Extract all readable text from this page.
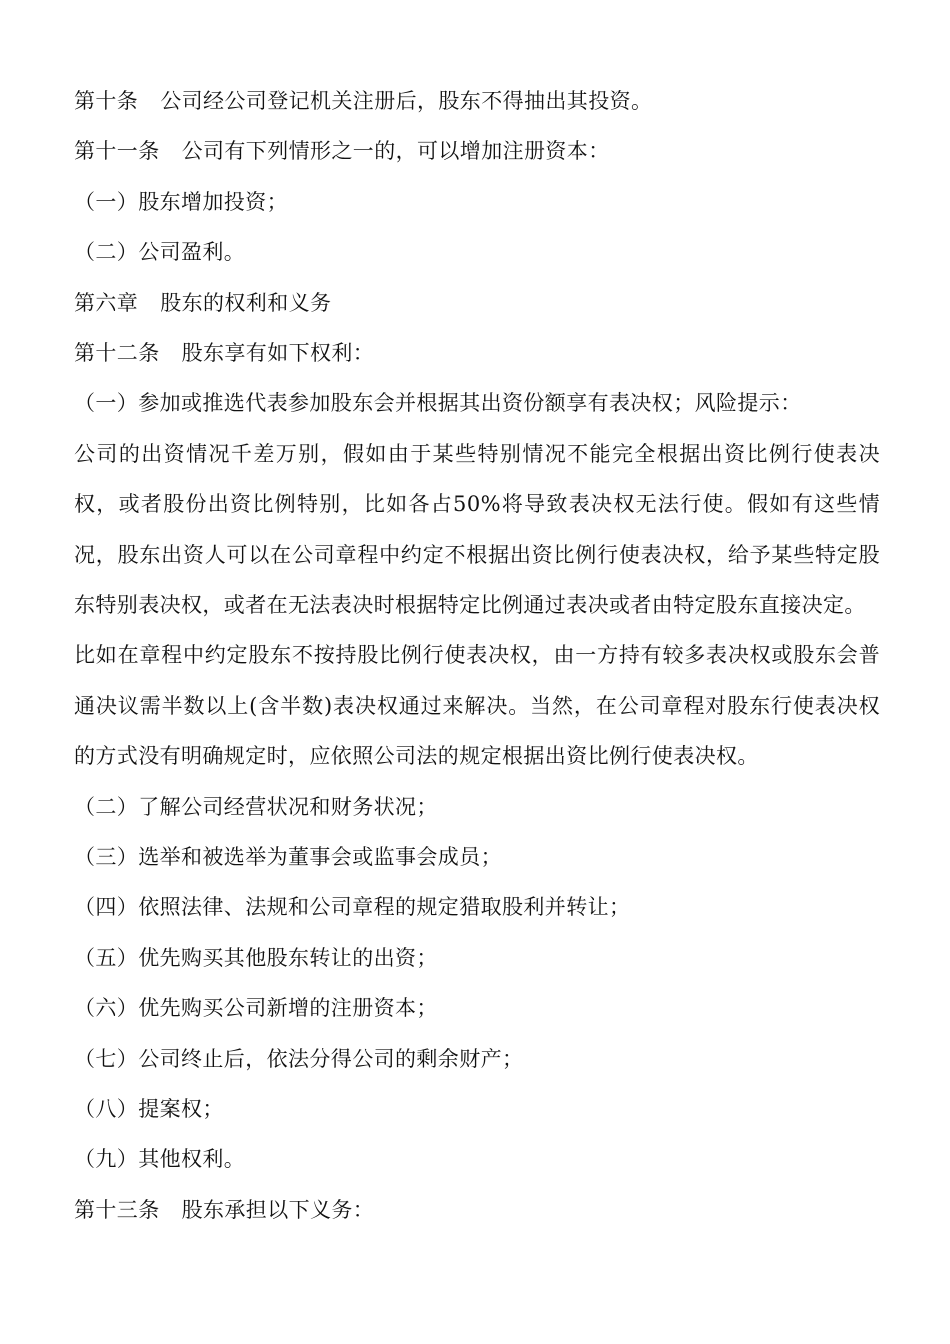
第十条 公司经公司登记机关注册后，股东不得抽出其投资。
第十一条 公司有下列情形之一的，可以增加注册资本：
（一）股东增加投资；
（二）公司盈利。
第六章 股东的权利和义务
第十二条 股东享有如下权利：
（一）参加或推选代表参加股东会并根据其出资份额享有表决权；风险提示：
公司的出资情况千差万别，假如由于某些特别情况不能完全根据出资比例行使表决权，或者股份出资比例特别，比如各占50%将导致表决权无法行使。假如有这些情况，股东出资人可以在公司章程中约定不根据出资比例行使表决权，给予某些特定股东特别表决权，或者在无法表决时根据特定比例通过表决或者由特定股东直接决定。
比如在章程中约定股东不按持股比例行使表决权，由一方持有较多表决权或股东会普通决议需半数以上(含半数)表决权通过来解决。当然，在公司章程对股东行使表决权的方式没有明确规定时，应依照公司法的规定根据出资比例行使表决权。
（二）了解公司经营状况和财务状况；
（三）选举和被选举为董事会或监事会成员；
（四）依照法律、法规和公司章程的规定猎取股利并转让；
（五）优先购买其他股东转让的出资；
（六）优先购买公司新增的注册资本；
（七）公司终止后，依法分得公司的剩余财产；
（八）提案权；
（九）其他权利。
第十三条 股东承担以下义务：
